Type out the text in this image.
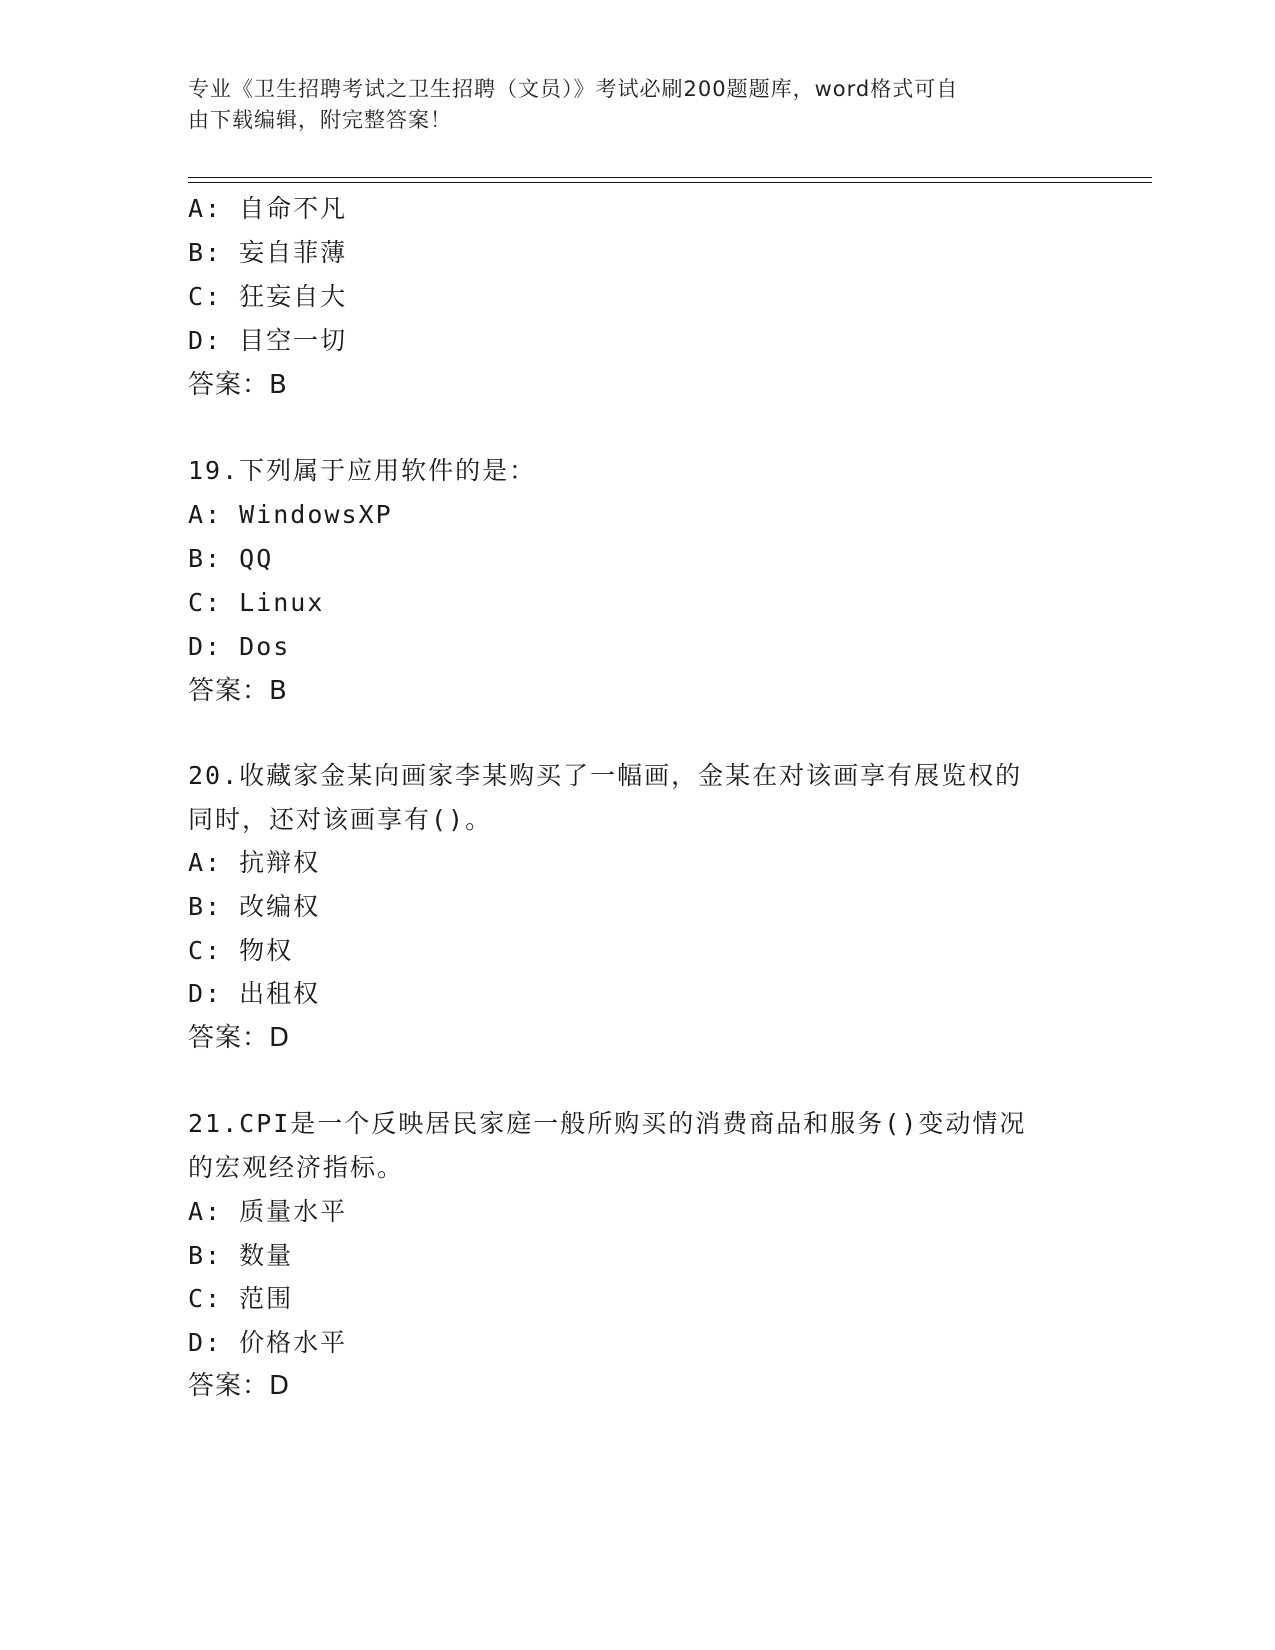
专业《卫生招聘考试之卫生招聘（文员）》考试必刷200题题库，word格式可自
由下载编辑，附完整答案！
A: 自命不凡
B: 妄自菲薄
C: 狂妄自大
D: 目空一切
答案：B
19.下列属于应用软件的是：
A: WindowsXP
B: QQ
C: Linux
D: Dos
答案：B
20.收藏家金某向画家李某购买了一幅画，金某在对该画享有展览权的
同时，还对该画享有()。
A: 抗辩权
B: 改编权
C: 物权
D: 出租权
答案：D
21.CPI是一个反映居民家庭一般所购买的消费商品和服务()变动情况
的宏观经济指标。
A: 质量水平
B: 数量
C: 范围
D: 价格水平
答案：D
